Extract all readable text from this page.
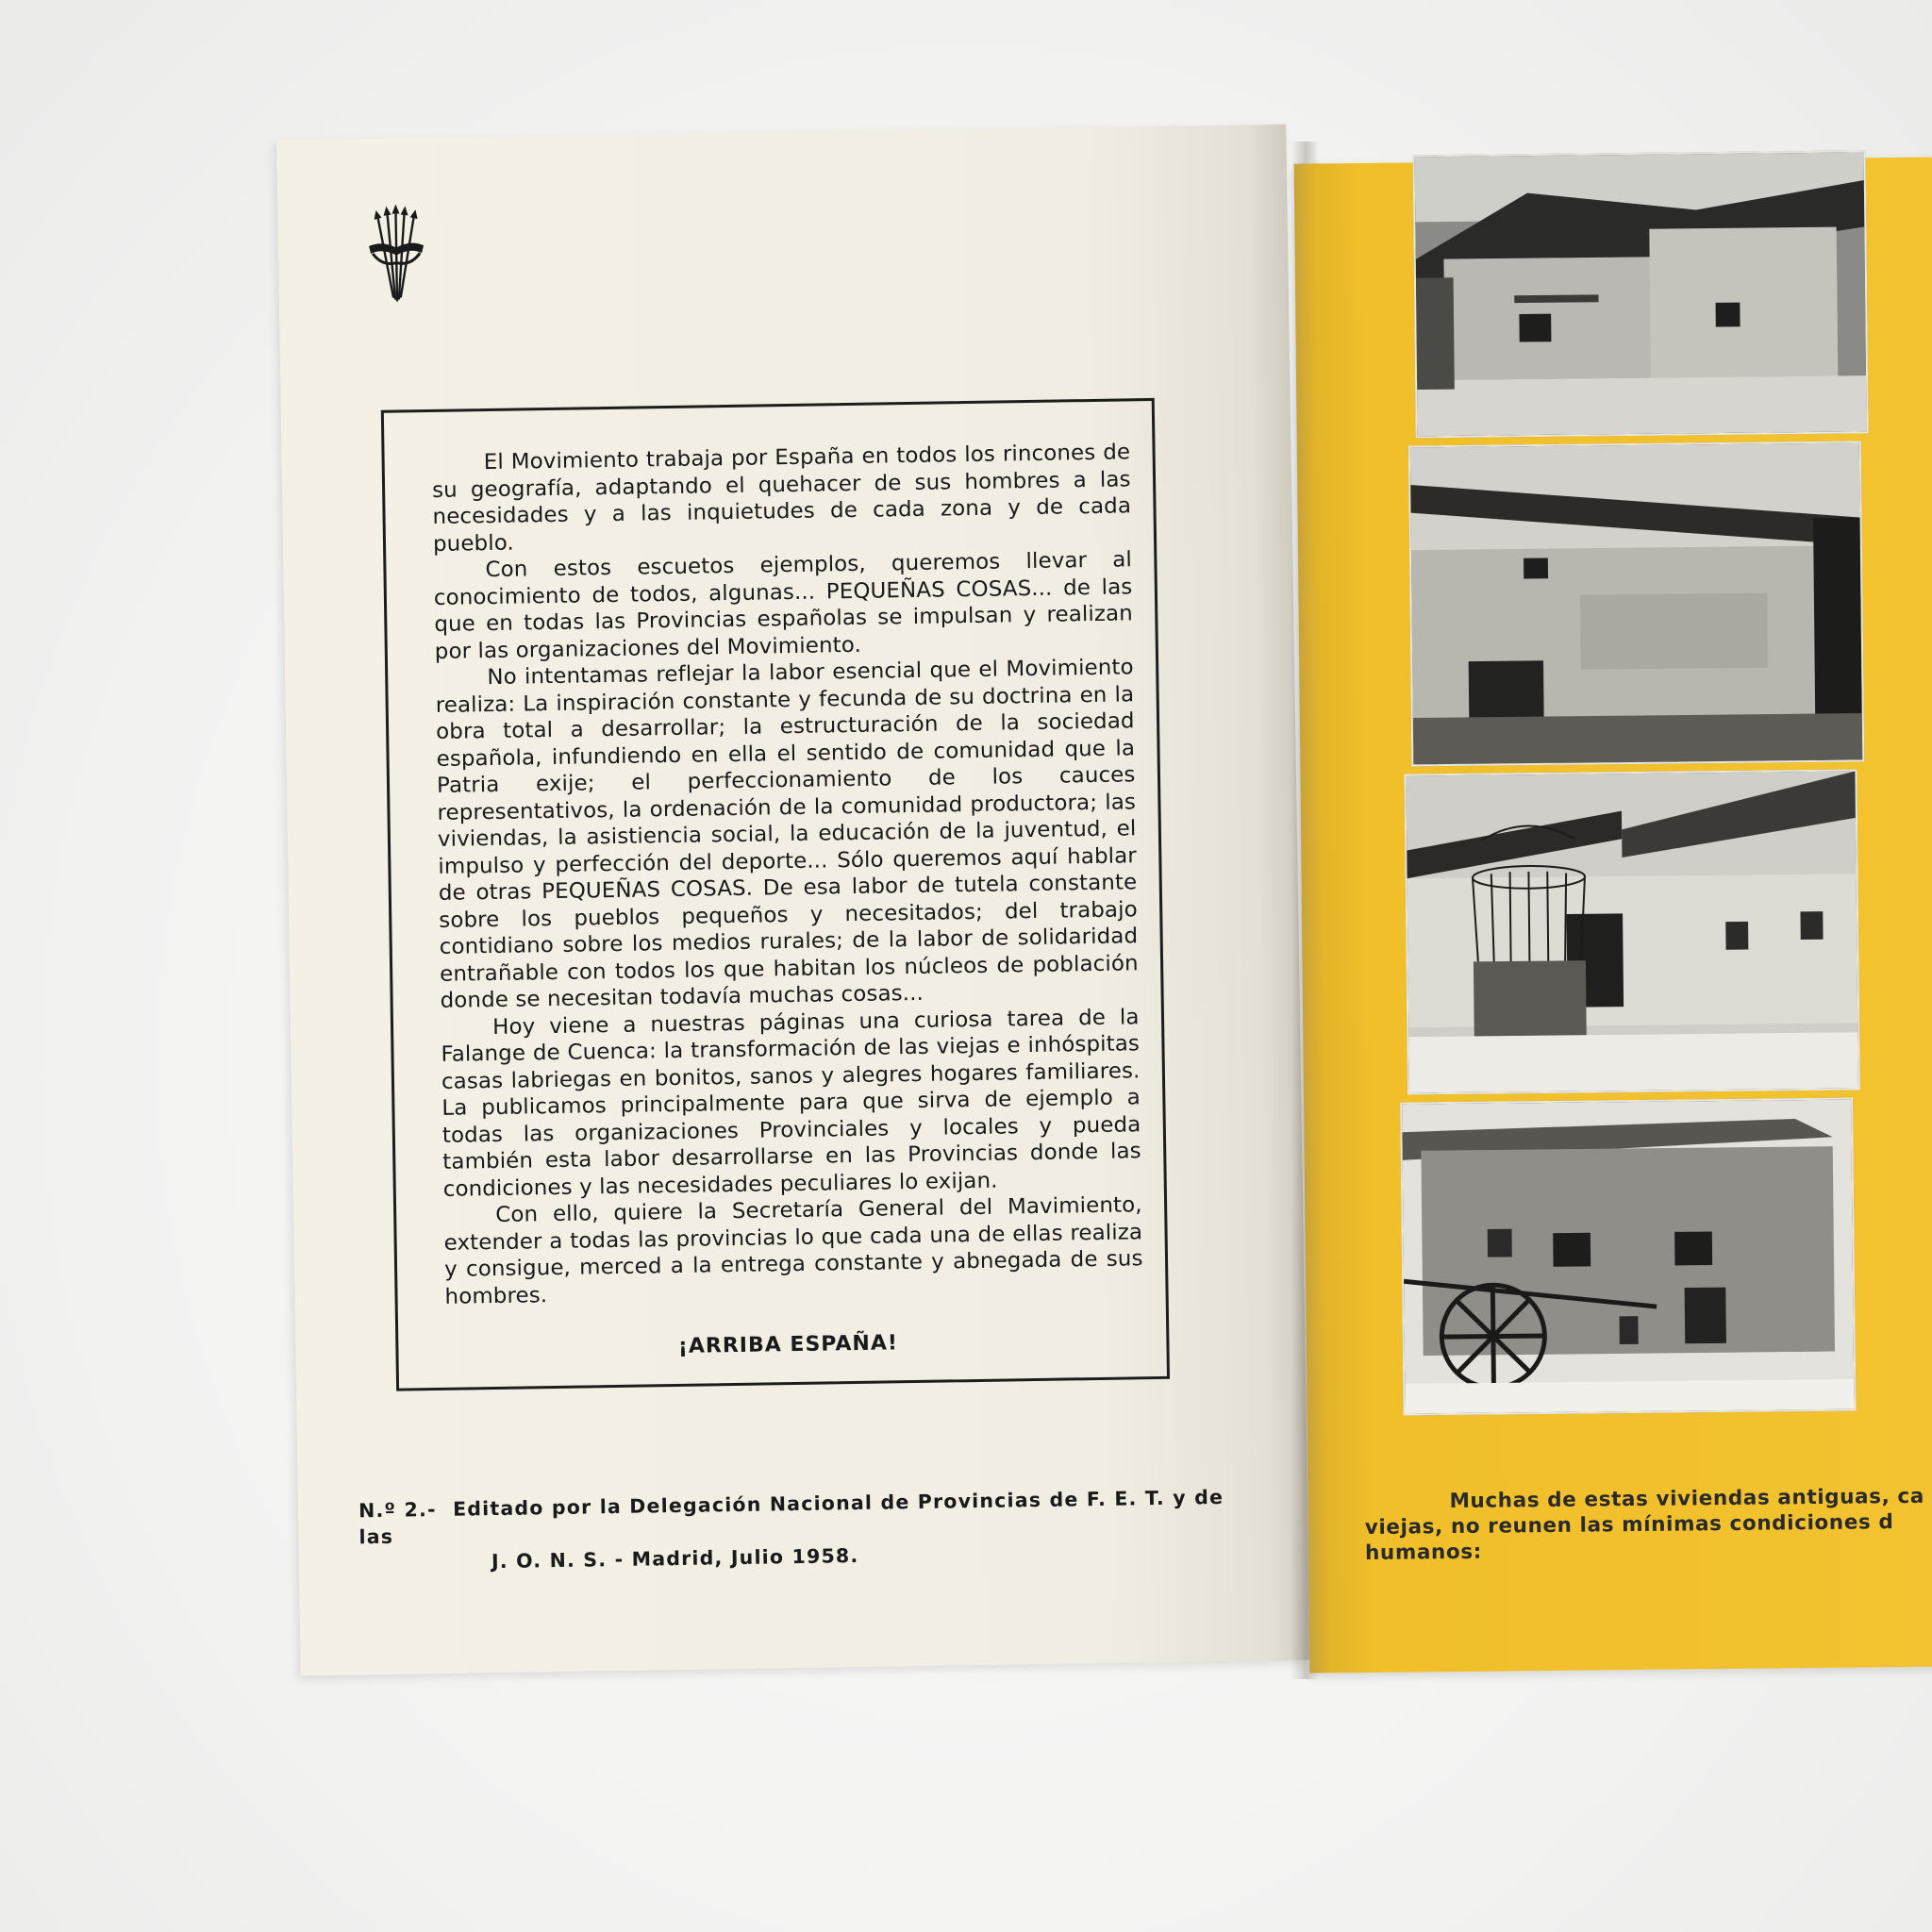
El Movimiento trabaja por España en todos los rincones de su geografía, adaptando el quehacer de sus hombres a las necesidades y a las inquietudes de cada zona y de cada pueblo.

Con estos escuetos ejemplos, queremos llevar al conocimiento de todos, algunas... PEQUEÑAS COSAS... de las que en todas las Provincias españolas se impulsan y realizan por las organizaciones del Movimiento.

No intentamas reflejar la labor esencial que el Movimiento realiza: La inspiración constante y fecunda de su doctrina en la obra total a desarrollar; la estructuración de la sociedad española, infundiendo en ella el sentido de comunidad que la Patria exije; el perfeccionamiento de los cauces representativos, la ordenación de la comunidad productora; las viviendas, la asistiencia social, la educación de la juventud, el impulso y perfección del deporte... Sólo queremos aquí hablar de otras PEQUEÑAS COSAS. De esa labor de tutela constante sobre los pueblos pequeños y necesitados; del trabajo contidiano sobre los medios rurales; de la labor de solidaridad entrañable con todos los que habitan los núcleos de población donde se necesitan todavía muchas cosas...

Hoy viene a nuestras páginas una curiosa tarea de la Falange de Cuenca: la transformación de las viejas e inhóspitas casas labriegas en bonitos, sanos y alegres hogares familiares. La publicamos principalmente para que sirva de ejemplo a todas las organizaciones Provinciales y locales y pueda también esta labor desarrollarse en las Provincias donde las condiciones y las necesidades peculiares lo exijan.

Con ello, quiere la Secretaría General del Mavimiento, extender a todas las provincias lo que cada una de ellas realiza y consigue, merced a la entrega constante y abnegada de sus hombres.

¡ARRIBA ESPAÑA!
N.º 2.- Editado por la Delegación Nacional de Provincias de F. E. T. y de las
J. O. N. S. - Madrid, Julio 1958.
Muchas de estas viviendas antiguas, ca
viejas, no reunen las mínimas condiciones d
humanos:
